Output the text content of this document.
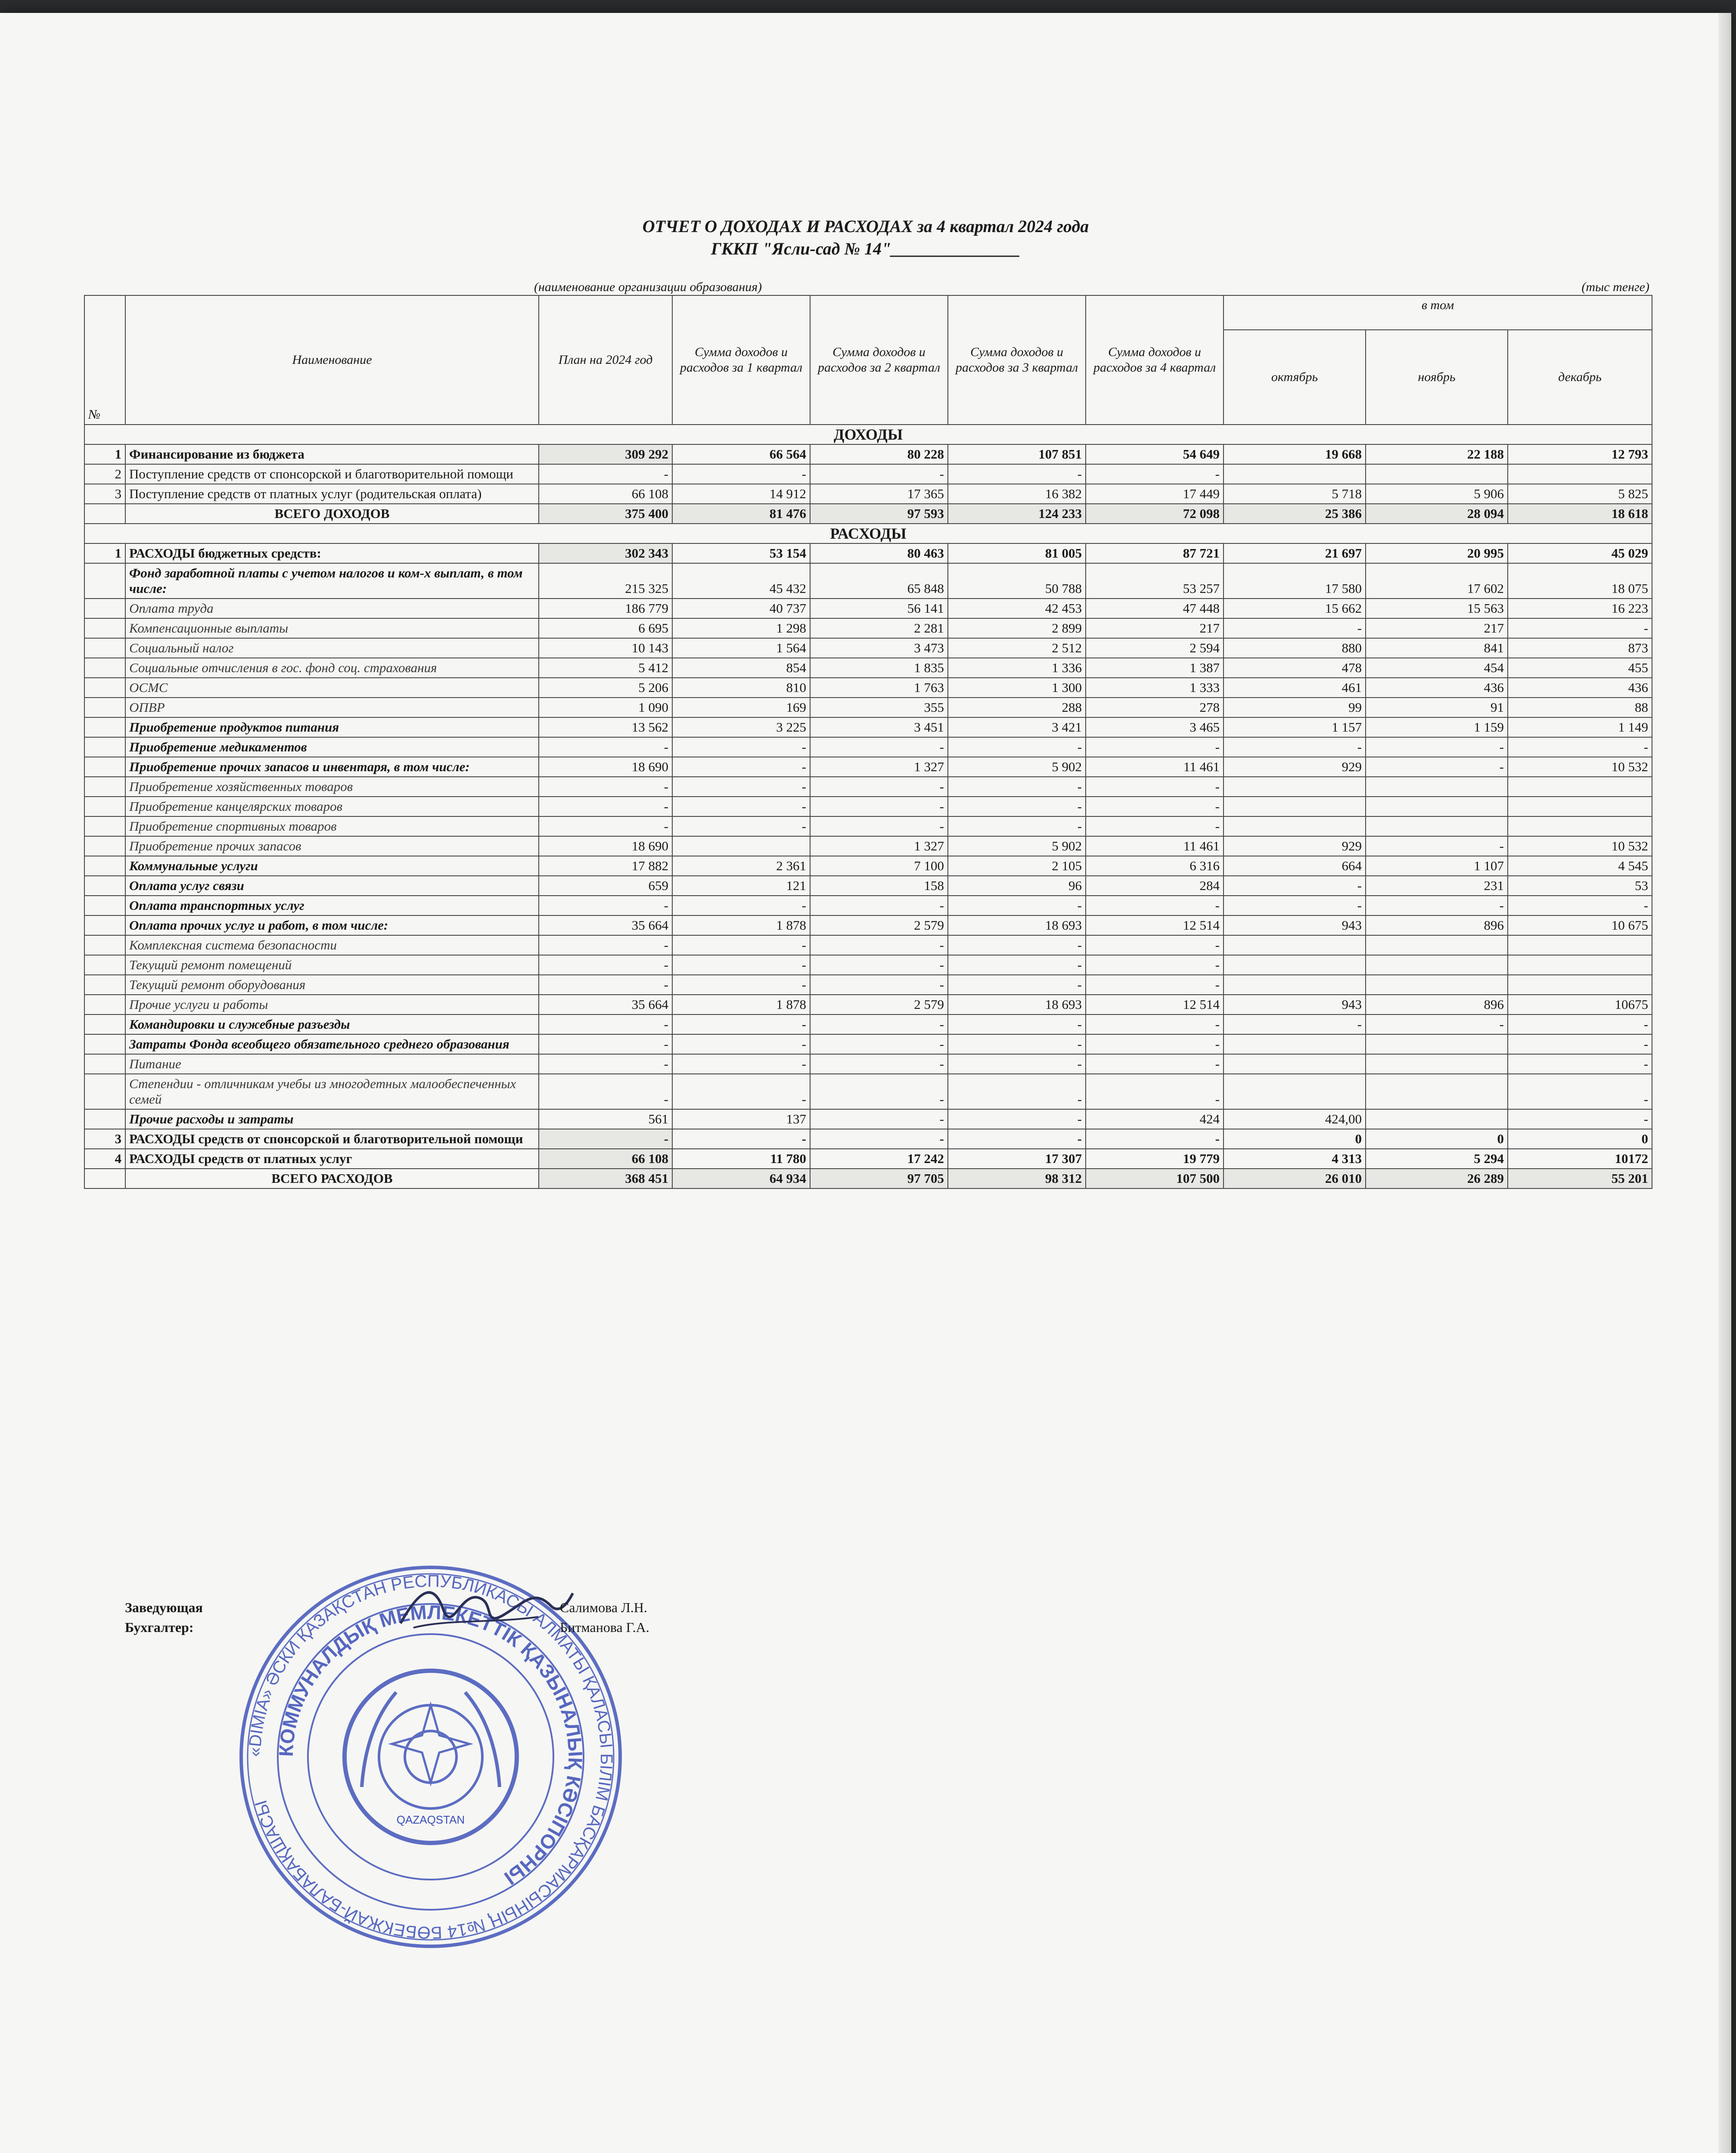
ОТЧЕТ О ДОХОДАХ И РАСХОДАХ за 4 квартал 2024 года
ГККП "Ясли-сад № 14"_______________
(наименование организации образования)	(тыс тенге)
№	Наименование	План на 2024 год	Сумма доходов и расходов за 1 квартал	Сумма доходов и расходов за 2 квартал	Сумма доходов и расходов за 3 квартал	Сумма доходов и расходов за 4 квартал	в том		
							октябрь	ноябрь	декабрь
ДОХОДЫ									
1	Финансирование из бюджета	309 292	66 564	80 228	107 851	54 649	19 668	22 188	12 793
2	Поступление средств от спонсорской и благотворительной помощи	-	-	-	-	-			
3	Поступление средств от платных услуг (родительская оплата)	66 108	14 912	17 365	16 382	17 449	5 718	5 906	5 825
	ВСЕГО ДОХОДОВ	375 400	81 476	97 593	124 233	72 098	25 386	28 094	18 618
РАСХОДЫ									
1	РАСХОДЫ бюджетных средств:	302 343	53 154	80 463	81 005	87 721	21 697	20 995	45 029
	Фонд заработной платы с учетом налогов и ком-х выплат, в том числе:	215 325	45 432	65 848	50 788	53 257	17 580	17 602	18 075
	Оплата труда	186 779	40 737	56 141	42 453	47 448	15 662	15 563	16 223
	Компенсационные выплаты	6 695	1 298	2 281	2 899	217	-	217	-
	Социальный налог	10 143	1 564	3 473	2 512	2 594	880	841	873
	Социальные отчисления в гос. фонд соц. страхования	5 412	854	1 835	1 336	1 387	478	454	455
	ОСМС	5 206	810	1 763	1 300	1 333	461	436	436
	ОПВР	1 090	169	355	288	278	99	91	88
	Приобретение продуктов питания	13 562	3 225	3 451	3 421	3 465	1 157	1 159	1 149
	Приобретение медикаментов	-	-	-	-	-	-	-	-
	Приобретение прочих запасов и инвентаря, в том числе:	18 690	-	1 327	5 902	11 461	929	-	10 532
	Приобретение хозяйственных товаров	-	-	-	-	-			
	Приобретение канцелярских товаров	-	-	-	-	-			
	Приобретение спортивных товаров	-	-	-	-	-			
	Приобретение прочих запасов	18 690		1 327	5 902	11 461	929	-	10 532
	Коммунальные услуги	17 882	2 361	7 100	2 105	6 316	664	1 107	4 545
	Оплата услуг связи	659	121	158	96	284	-	231	53
	Оплата транспортных услуг	-	-	-	-	-	-	-	-
	Оплата прочих услуг и работ, в том числе:	35 664	1 878	2 579	18 693	12 514	943	896	10 675
	Комплексная система безопасности	-	-	-	-	-			
	Текущий ремонт помещений	-	-	-	-	-			
	Текущий ремонт оборудования	-	-	-	-	-			
	Прочие услуги и работы	35 664	1 878	2 579	18 693	12 514	943	896	10675
	Командировки и служебные разъезды	-	-	-	-	-	-	-	-
	Затраты Фонда всеобщего обязательного среднего образования	-	-	-	-	-			-
	Питание	-	-	-	-	-			-
	Степендии - отличникам учебы из многодетных малообеспеченных семей	-	-	-	-	-			-
	Прочие расходы и затраты	561	137	-	-	424	424,00		-
3	РАСХОДЫ средств от спонсорской и благотворительной помощи	-	-	-	-	-	0	0	0
4	РАСХОДЫ средств от платных услуг	66 108	11 780	17 242	17 307	19 779	4 313	5 294	10172
	ВСЕГО РАСХОДОВ	368 451	64 934	97 705	98 312	107 500	26 010	26 289	55 201
«DIMIA» ӘСКИ ҚАЗАҚСТАН РЕСПУБЛИКАСЫ АЛМАТЫ ҚАЛАСЫ БІЛІМ БАСҚАРМАСЫНЫҢ №14 БӨБЕКЖАЙ-БАЛАБАҚШАСЫ
КОММУНАЛДЫҚ МЕМЛЕКЕТТІК ҚАЗЫНАЛЫҚ КӘСІПОРНЫ
QAZAQSTAN
Заведующая	Салимова Л.Н.
Бухгалтер:	Битманова Г.А.
